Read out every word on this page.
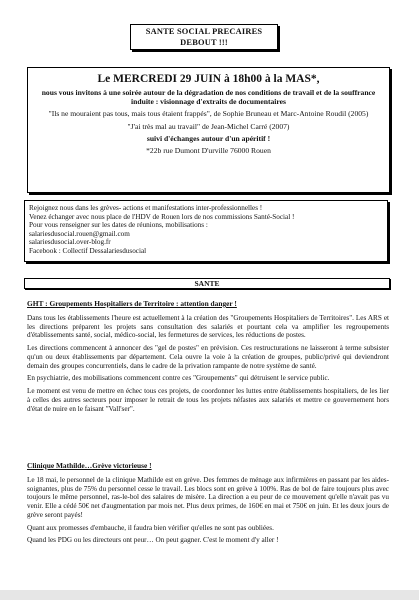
SANTE SOCIAL PRECAIRES
DEBOUT !!!
Le MERCREDI 29 JUIN à 18h00 à la MAS*,

nous vous invitons à une soirée autour de la dégradation de nos conditions de travail et de la souffrance induite : visionnage d'extraits de documentaires

"Ils ne mouraient pas tous, mais tous étaient frappés", de Sophie Bruneau et Marc-Antoine Roudil (2005)

"J'ai très mal au travail" de Jean-Michel Carré (2007)

suivi d'échanges autour d'un apéritif !

*22b rue Dumont D'urville 76000 Rouen

Rejoignez nous dans les grèves- actions et manifestations inter-professionnelles !
Venez échanger avec nous place de l'HDV de Rouen lors de nos commissions Santé-Social !
Pour vous renseigner sur les dates de réunions, mobilisations :
salariesdusocial.rouen@gmail.com
salariesdusocial.over-blog.fr
Facebook : Collectif Dessalariesdusocial
SANTE
GHT : Groupements Hospitaliers de Territoire : attention danger !

Dans tous les établissements l'heure est actuellement à la création des "Groupements Hospitaliers de Territoires". Les ARS et les directions préparent les projets sans consultation des salariés et pourtant cela va amplifier les regroupements d'établissements santé, social, médico-social, les fermetures de services, les réductions de postes.

Les directions commencent à annoncer des "gel de postes" en prévision. Ces restructurations ne laisseront à terme subsister qu'un ou deux établissements par département. Cela ouvre la voie à la création de groupes, public/privé qui deviendront demain des groupes concurrentiels, dans le cadre de la privation rampante de notre système de santé.

En psychiatrie, des mobilisations commencent contre ces "Groupements" qui détruisent le service public.

Le moment est venu de mettre en échec tous ces projets, de coordonner les luttes entre établissements hospitaliers, de les lier à celles des autres secteurs pour imposer le retrait de tous les projets néfastes aux salariés et mettre ce gouvernement hors d'état de nuire en le faisant "Vall'ser".

Clinique Mathilde…Grève victorieuse !

Le 18 mai, le personnel de la clinique Mathilde est en grève. Des femmes de ménage aux infirmières en passant par les aides-soignantes, plus de 75% du personnel cesse le travail. Les blocs sont en grève à 100%. Ras de bol de faire toujours plus avec toujours le même personnel, ras-le-bol des salaires de misère. La direction a eu peur de ce mouvement qu'elle n'avait pas vu venir. Elle a cédé 50€ net d'augmentation par mois net. Plus deux primes, de 160€ en mai et 750€ en juin. Et les deux jours de grève seront payés!

Quant aux promesses d'embauche, il faudra bien vérifier qu'elles ne sont pas oubliées.

Quand les PDG ou les directeurs ont peur… On peut gagner. C'est le moment d'y aller !
